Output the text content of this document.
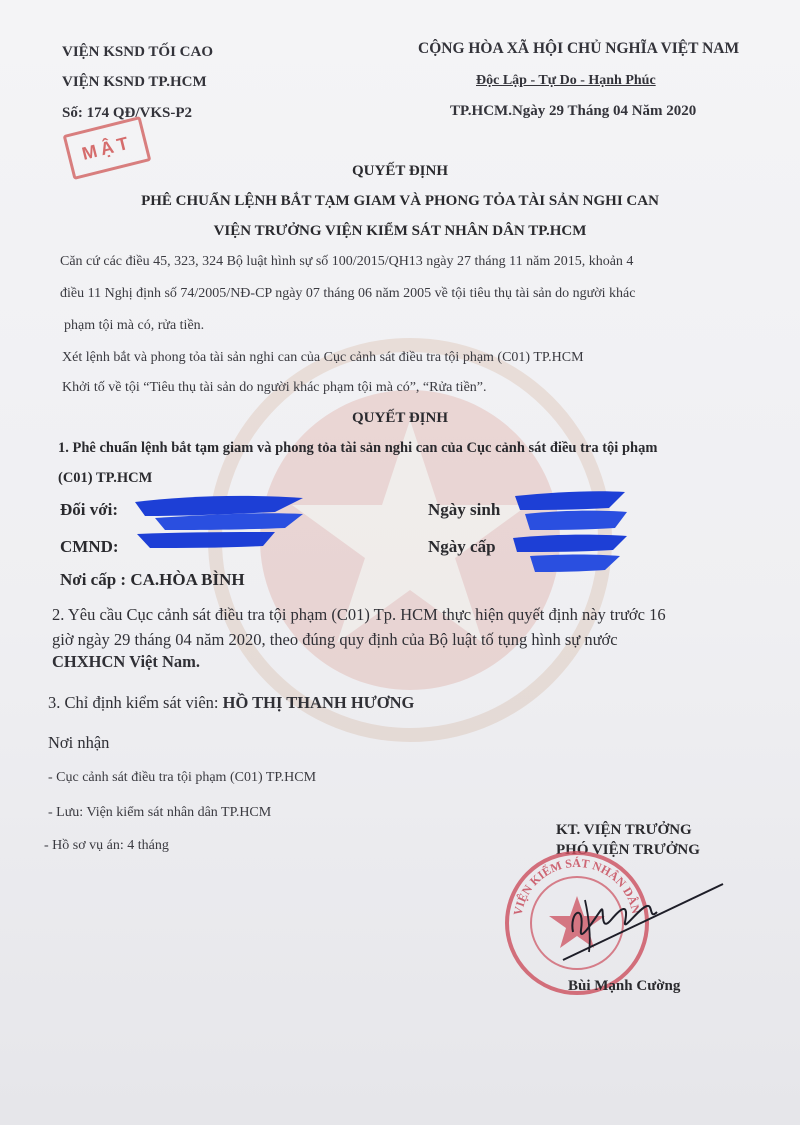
VIỆN KSND TỐI CAO
VIỆN KSND TP.HCM
Số: 174 QĐ/VKS-P2
MẬT
CỘNG HÒA XÃ HỘI CHỦ NGHĨA VIỆT NAM
Độc Lập - Tự Do - Hạnh Phúc
TP.HCM.Ngày 29 Tháng 04 Năm 2020
QUYẾT ĐỊNH
PHÊ CHUẨN LỆNH BẮT TẠM GIAM VÀ PHONG TỎA TÀI SẢN NGHI CAN
VIỆN TRƯỞNG VIỆN KIỂM SÁT NHÂN DÂN TP.HCM
Căn cứ các điều 45, 323, 324 Bộ luật hình sự số 100/2015/QH13 ngày 27 tháng 11 năm 2015, khoản 4
điều 11 Nghị định số 74/2005/NĐ-CP ngày 07 tháng 06 năm 2005 về tội tiêu thụ tài sản do người khác
phạm tội mà có, rửa tiền.
Xét lệnh bắt và phong tỏa tài sản nghi can của Cục cảnh sát điều tra tội phạm (C01) TP.HCM
Khởi tố về tội “Tiêu thụ tài sản do người khác phạm tội mà có”, “Rửa tiền”.
QUYẾT ĐỊNH
1. Phê chuẩn lệnh bắt tạm giam và phong tỏa tài sản nghi can của Cục cảnh sát điều tra tội phạm
(C01) TP.HCM
Đối với:	Ngày sinh
CMND:	Ngày cấp
Nơi cấp : CA.HÒA BÌNH
2. Yêu cầu Cục cảnh sát điều tra tội phạm (C01) Tp. HCM thực hiện quyết định này trước 16
giờ ngày 29 tháng 04 năm 2020, theo đúng quy định của Bộ luật tố tụng hình sự nước
CHXHCN Việt Nam.
3. Chỉ định kiểm sát viên: HỒ THỊ THANH HƯƠNG
Nơi nhận
- Cục cảnh sát điều tra tội phạm (C01) TP.HCM
- Lưu: Viện kiểm sát nhân dân TP.HCM
- Hồ sơ vụ án: 4 tháng
KT. VIỆN TRƯỞNG
PHÓ VIỆN TRƯỞNG
VIỆN KIỂM SÁT NHÂN DÂN
Bùi Mạnh Cường
